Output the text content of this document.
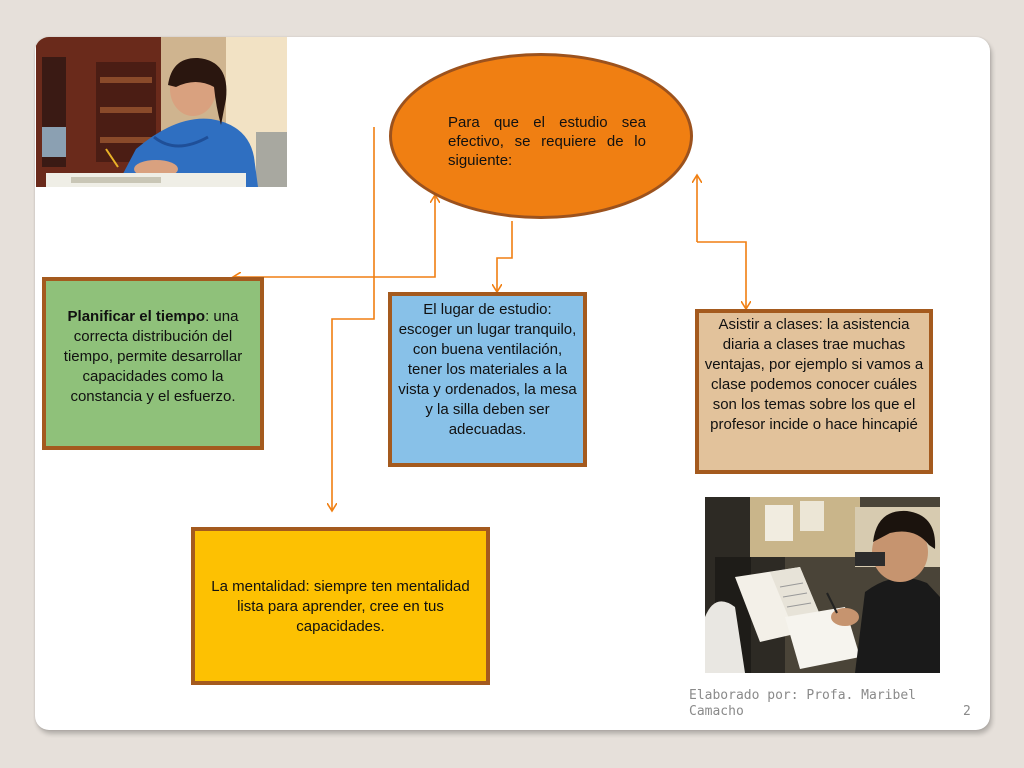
Para que el estudio sea efectivo, se requiere de lo siguiente:
Planificar el tiempo: una correcta distribución del tiempo, permite desarrollar capacidades como la constancia y el esfuerzo.
El lugar de estudio: escoger un lugar tranquilo, con buena ventilación, tener los materiales a la vista y ordenados, la mesa y la silla deben ser adecuadas.
Asistir a clases: la asistencia diaria a clases trae muchas ventajas, por ejemplo si vamos a clase podemos conocer cuáles son los temas sobre los que el profesor incide o hace hincapié
La mentalidad: siempre ten mentalidad lista para aprender, cree en tus capacidades.
Elaborado por: Profa. Maribel Camacho	2
